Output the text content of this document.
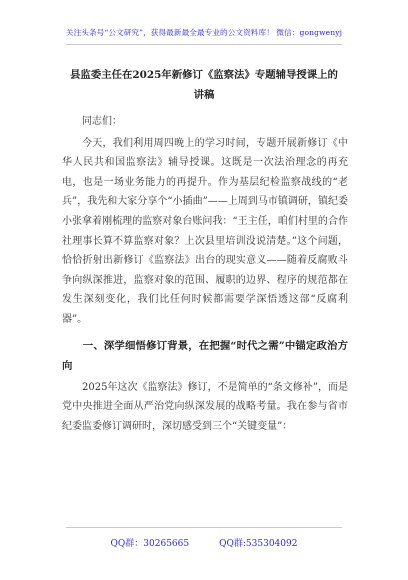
关注头条号“公文研究”，获得最新最全最专业的公文资料库！ 微信：gongwenyj
县监委主任在2025年新修订《监察法》专题辅导授课上的
讲稿

同志们：

今天，我们利用周四晚上的学习时间，专题开展新修订《中华人民共和国监察法》辅导授课。这既是一次法治理念的再充电，也是一场业务能力的再提升。作为基层纪检监察战线的“老兵”，我先和大家分享个“小插曲”——上周到马市镇调研，镇纪委小张拿着刚梳理的监察对象台账问我：“王主任，咱们村里的合作社理事长算不算监察对象？上次县里培训没说清楚。”这个问题，恰恰折射出新修订《监察法》出台的现实意义——随着反腐败斗争向纵深推进，监察对象的范围、履职的边界、程序的规范都在发生深刻变化，我们比任何时候都需要学深悟透这部“反腐利器”。

一、深学细悟修订背景，在把握“时代之需”中锚定政治方向

2025年这次《监察法》修订，不是简单的“条文修补”，而是党中央推进全面从严治党向纵深发展的战略考量。我在参与省市纪委监委修订调研时，深切感受到三个“关键变量”：

QQ群：30265665	QQ群:535304092
